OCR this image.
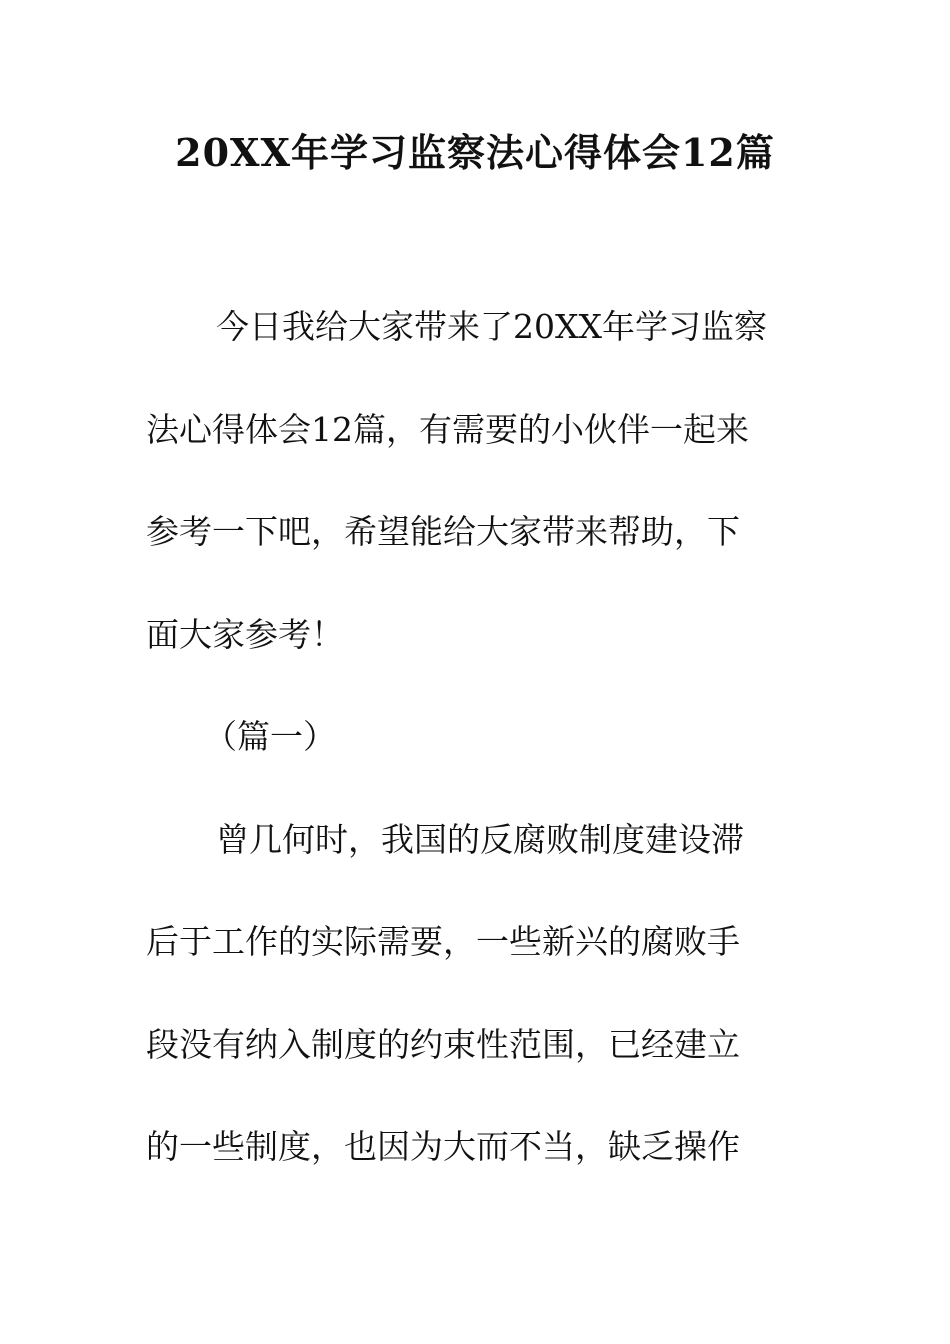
20XX年学习监察法心得体会12篇
今日我给大家带来了20XX年学习监察
法心得体会12篇，有需要的小伙伴一起来
参考一下吧，希望能给大家带来帮助，下
面大家参考！
（篇一）
曾几何时，我国的反腐败制度建设滞
后于工作的实际需要，一些新兴的腐败手
段没有纳入制度的约束性范围，已经建立
的一些制度，也因为大而不当，缺乏操作
